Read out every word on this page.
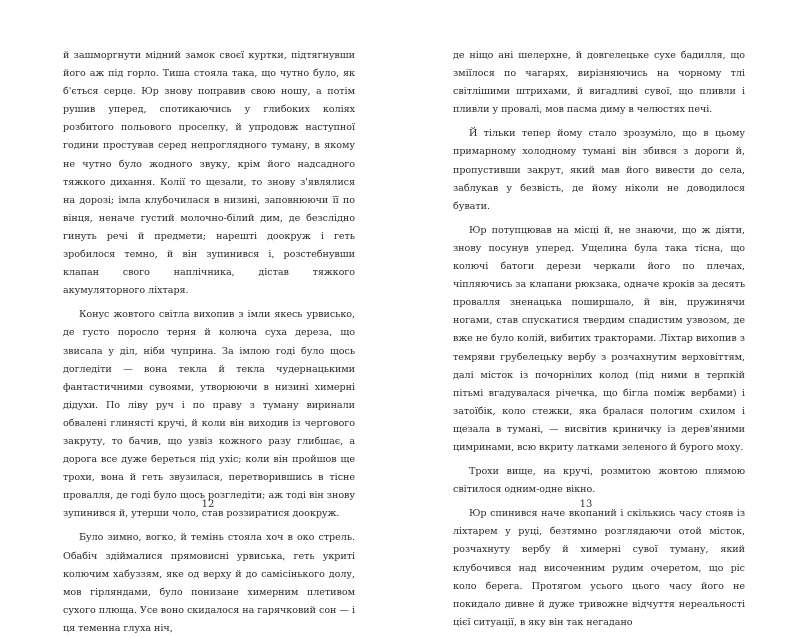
й зашморгнути мідний замок своєї куртки, підтягнувши його аж під горло. Тиша стояла така, що чутно було, як б'ється серце. Юр знову поправив свою ношу, а потім рушив уперед, спотикаючись у глибоких коліях розбитого польового проселку, й упродовж наступної години простував серед непроглядного туману, в якому не чутно було жодного звуку, крім його надсадного тяжкого дихання. Колії то щезали, то знову з'являлися на дорозі; імла клубочилася в низині, заповнюючи її по вінця, неначе густий молочно-білий дим, де безслідно гинуть речі й предмети; нарешті доокруж і геть зробилося темно, й він зупинився і, розстебнувши клапан свого наплічника, дістав тяжкого акумуляторного ліхтаря.

Конус жовтого світла вихопив з імли якесь урвисько, де густо поросло терня й колюча суха дереза, що звисала у діл, ніби чуприна. За імлою годі було щось догледіти — вона текла й текла чудернацькими фантастичними сувоями, утворюючи в низині химерні дідухи. По ліву руч і по праву з туману виринали обвалені глинясті кручі, й коли він виходив із чергового закруту, то бачив, що узвіз кожного разу глибшає, а дорога все дуже береться під ухіс; коли він пройшов ще трохи, вона й геть звузилася, перетворившись в тісне провалля, де годі було щось розгледіти; аж тоді він знову зупинився й, утерши чоло, став роззиратися доокруж.

Було зимно, вогко, й темінь стояла хоч в око стрель. Обабіч здіймалися прямовисні урвиська, геть укриті колючим хабуззям, яке од верху й до самісінького долу, мов гірляндами, було понизане химерним плетивом сухого плюща. Усе воно скидалося на гарячковий сон — і ця теменна глуха ніч,

12

де ніщо ані шелерхне, й довгелецьке сухе бадилля, що зміїлося по чагарях, вирізняючись на чорному тлі світлішими штрихами, й вигадливі сувої, що пливли і пливли у провалі, мов пасма диму в челюстях печі.

Й тільки тепер йому стало зрозуміло, що в цьому примарному холодному тумані він збився з дороги й, пропустивши закрут, який мав його вивести до села, заблукав у безвість, де йому ніколи не доводилося бувати.

Юр потупцював на місці й, не знаючи, що ж діяти, знову посунув уперед. Ущелина була така тісна, що колючі батоги дерези черкали його по плечах, чіпляючись за клапани рюкзака, одначе кроків за десять провалля зненацька поширшало, й він, пружинячи ногами, став спускатися твердим спадистим узвозом, де вже не було колій, вибитих тракторами. Ліхтар вихопив з темряви грубелецьку вербу з розчахнутим верховіттям, далі місток із почорнілих колод (під ними в терпкій пітьмі вгадувалася річечка, що бігла поміж вербами) і затоїбік, коло стежки, яка бралася пологим схилом і щезала в тумані, — висвітив криничку із дерев'яними цимринами, всю вкриту латками зеленого й бурого моху.

Трохи вище, на кручі, розмитою жовтою плямою світилося одним-одне вікно.

Юр спинився наче вкопаний і скількись часу стояв із ліхтарем у руці, безтямно розглядаючи отой місток, розчахнуту вербу й химерні сувої туману, який клубочився над височенним рудим очеретом, що ріс коло берега. Протягом усього цього часу його не покидало дивне й дуже тривожне відчуття нереальності цієї ситуації, в яку він так негадано

13
